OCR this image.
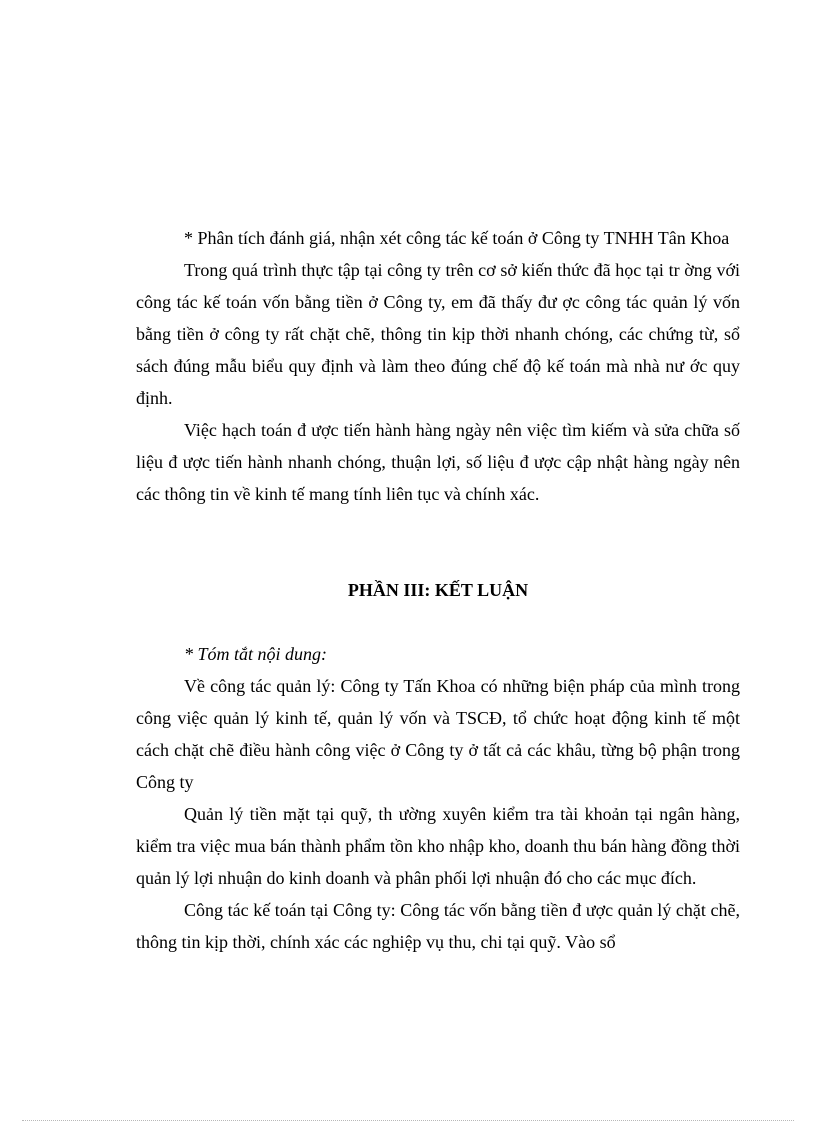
* Phân tích đánh giá, nhận xét công tác kế toán ở Công ty TNHH Tân Khoa

Trong quá trình thực tập tại công ty trên cơ sở kiến thức đã học tại tr ờng với công tác kế toán vốn bằng tiền ở Công ty, em đã thấy đư ợc công tác quản lý vốn bằng tiền ở công ty rất chặt chẽ, thông tin kịp thời nhanh chóng, các chứng từ, sổ sách đúng mẫu biểu quy định và làm theo đúng chế độ kế toán mà nhà nư ớc quy định.

Việc hạch toán đ ược tiến hành hàng ngày nên việc tìm kiếm và sửa chữa số liệu đ ược tiến hành nhanh chóng, thuận lợi, số liệu đ ược cập nhật hàng ngày nên các thông tin về kinh tế mang tính liên tục và chính xác.

PHẦN III: KẾT LUẬN

* Tóm tắt nội dung:

Về công tác quản lý: Công ty Tấn Khoa có những biện pháp của mình trong công việc quản lý kinh tế, quản lý vốn và TSCĐ, tổ chức hoạt động kinh tế một cách chặt chẽ điều hành công việc ở Công ty ở tất cả các khâu, từng bộ phận trong Công ty

Quản lý tiền mặt tại quỹ, th ường xuyên kiểm tra tài khoản tại ngân hàng, kiểm tra việc mua bán thành phẩm tồn kho nhập kho, doanh thu bán hàng đồng thời quản lý lợi nhuận do kinh doanh và phân phối lợi nhuận đó cho các mục đích.

Công tác kế toán tại Công ty: Công tác vốn bằng tiền đ ược quản lý chặt chẽ, thông tin kịp thời, chính xác các nghiệp vụ thu, chi tại quỹ. Vào sổ
